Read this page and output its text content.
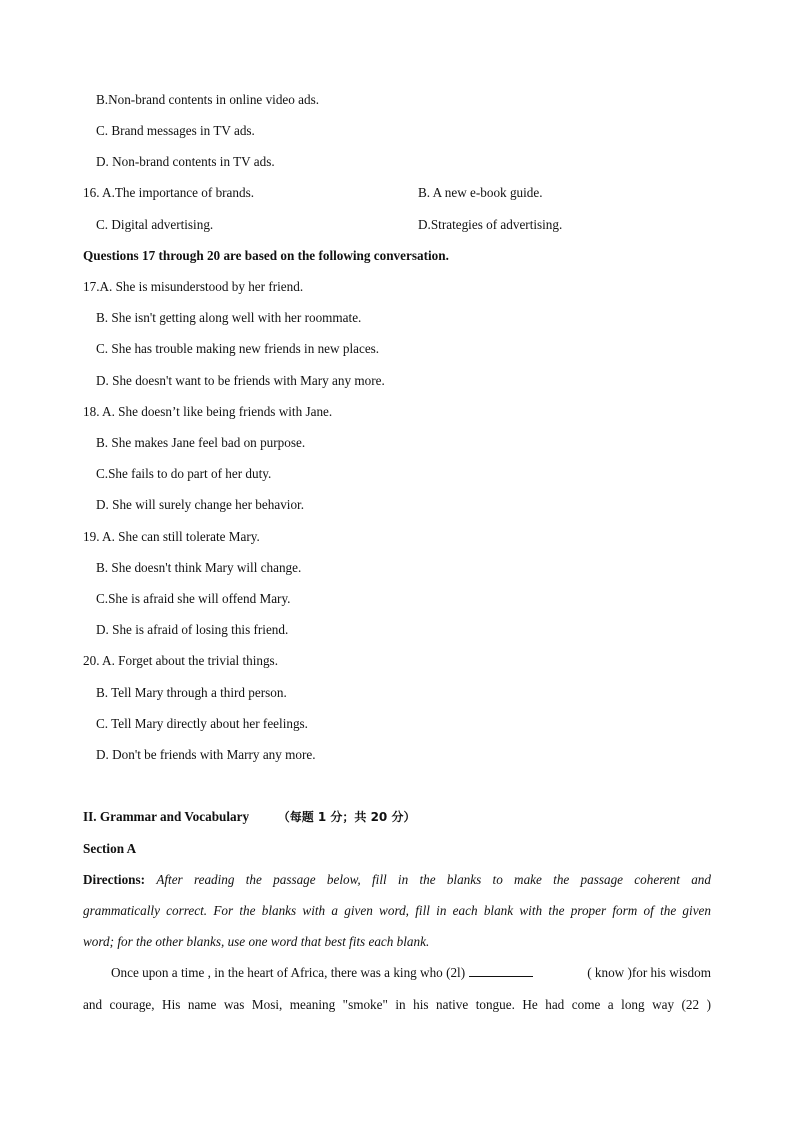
B.Non-brand contents in online video ads.
C. Brand messages in TV ads.
D. Non-brand contents in TV ads.
16. A.The importance of brands.	B. A new e-book guide.
C. Digital advertising.	D.Strategies of advertising.
Questions 17 through 20 are based on the following conversation.
17.A. She is misunderstood by her friend.
B. She isn't getting along well with her roommate.
C. She has trouble making new friends in new places.
D. She doesn't want to be friends with Mary any more.
18. A. She doesn’t like being friends with Jane.
B. She makes Jane feel bad on purpose.
C.She fails to do part of her duty.
D. She will surely change her behavior.
19. A. She can still tolerate Mary.
B. She doesn't think Mary will change.
C.She is afraid she will offend Mary.
D. She is afraid of losing this friend.
20. A. Forget about the trivial things.
B. Tell Mary through a third person.
C. Tell Mary directly about her feelings.
D. Don't be friends with Marry any more.
II. Grammar and Vocabulary （每题 1 分；共 20 分）
Section A
Directions: After reading the passage below, fill in the blanks to make the passage coherent and
grammatically correct. For the blanks with a given word, fill in each blank with the proper form of the given
word; for the other blanks, use one word that best fits each blank.
Once upon a time , in the heart of Africa, there was a king who (2l)	( know )for his wisdom
and courage, His name was Mosi, meaning "smoke" in his native tongue. He had come a long way (22 )
